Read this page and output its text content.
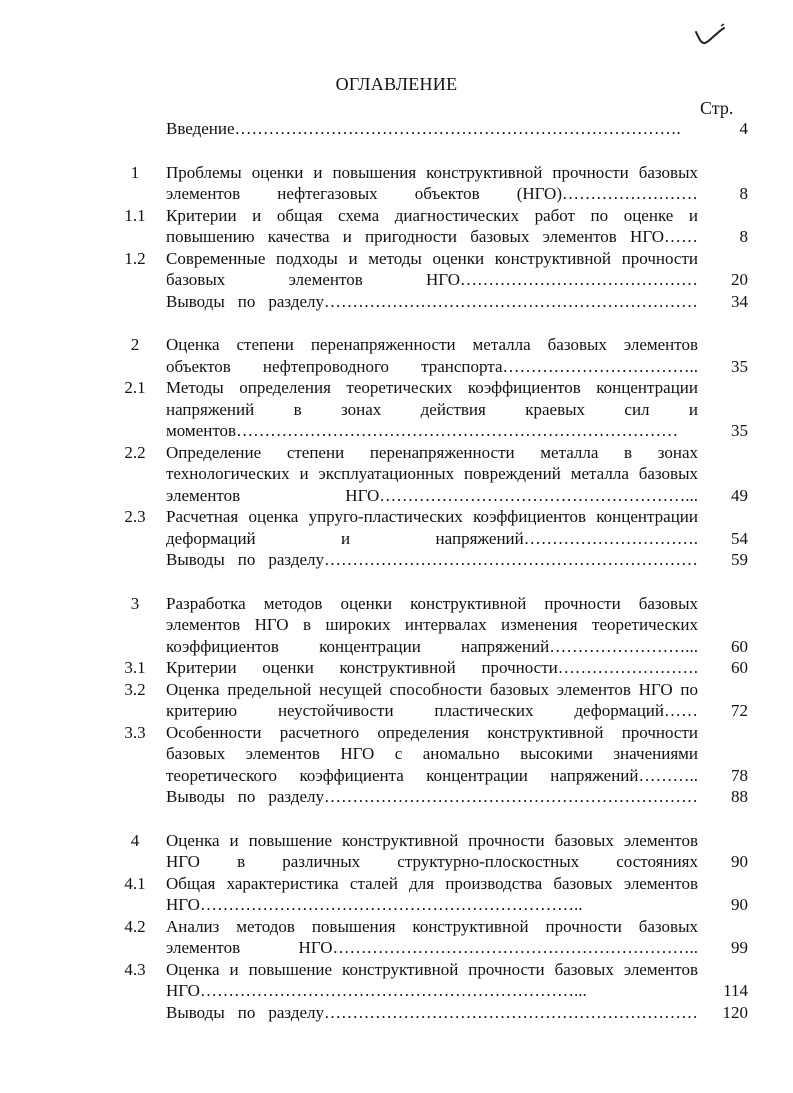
ОГЛАВЛЕНИЕ
Стр.
Введение…………………………………………………………………….	4
1	Проблемы оценки и повышения конструктивной прочности базовых элементов нефтегазовых объектов (НГО)……………………	8
1.1	Критерии и общая схема диагностических работ по оценке и повышению качества и пригодности базовых элементов НГО……	8
1.2	Современные подходы и методы оценки конструктивной прочности базовых элементов НГО……………………………………	20
Выводы по разделу…………………………………………………………	34
2	Оценка степени перенапряженности металла базовых элементов объектов нефтепроводного транспорта……………………………..	35
2.1	Методы определения теоретических коэффициентов концентрации напряжений в зонах действия краевых сил и моментов……………………………………………………………………	35
2.2	Определение степени перенапряженности металла в зонах технологических и эксплуатационных повреждений металла базовых элементов НГО………………………………………………...	49
2.3	Расчетная оценка упруго-пластических коэффициентов концентрации деформаций и напряжений………………………….	54
Выводы по разделу…………………………………………………………	59
3	Разработка методов оценки конструктивной прочности базовых элементов НГО в широких интервалах изменения теоретических коэффициентов концентрации напряжений……………………...	60
3.1	Критерии оценки конструктивной прочности…………………….	60
3.2	Оценка предельной несущей способности базовых элементов НГО по критерию неустойчивости пластических деформаций……	72
3.3	Особенности расчетного определения конструктивной прочности базовых элементов НГО с аномально высокими значениями теоретического коэффициента концентрации напряжений………..	78
Выводы по разделу…………………………………………………………	88
4	Оценка и повышение конструктивной прочности базовых элементов НГО в различных структурно-плоскостных состояниях	90
4.1	Общая характеристика сталей для производства базовых элементов НГО…………………………………………………………..	90
4.2	Анализ методов повышения конструктивной прочности базовых элементов НГО………………………………………………………..	99
4.3	Оценка и повышение конструктивной прочности базовых элементов НГО…………………………………………………………...	114
Выводы по разделу…………………………………………………………	120
